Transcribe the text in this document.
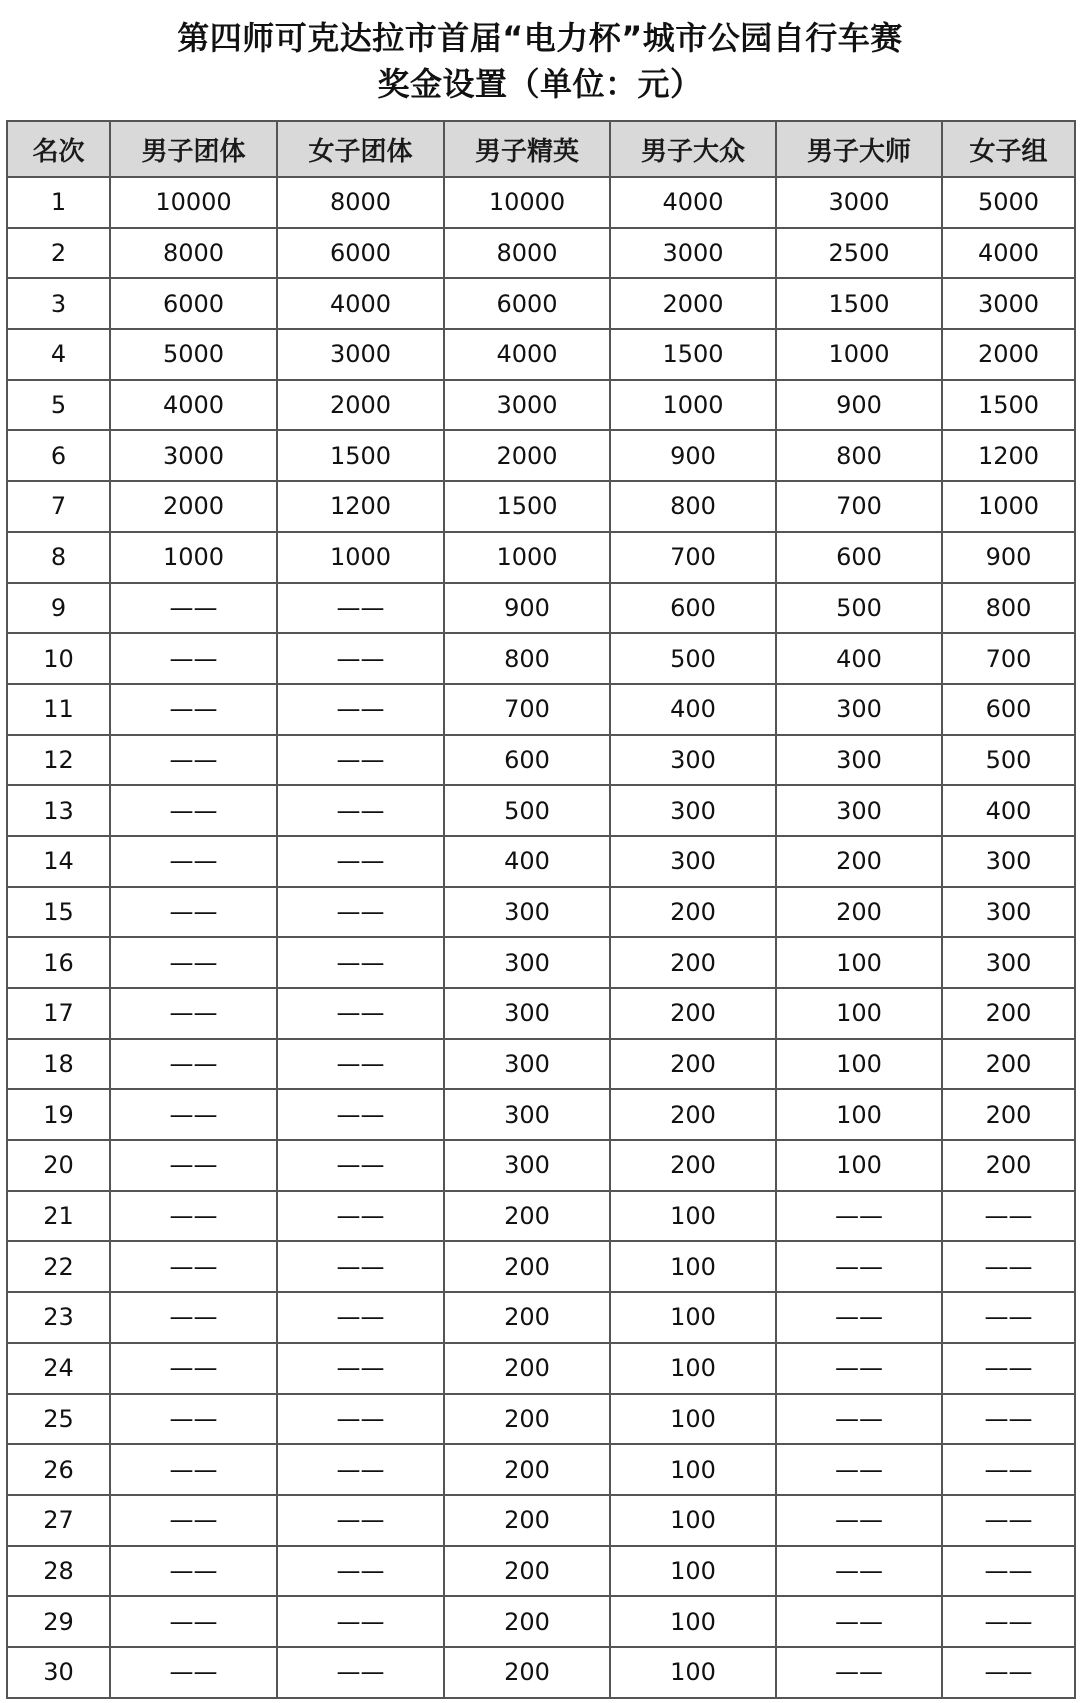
第四师可克达拉市首届“电力杯”城市公园自行车赛
奖金设置（单位：元）
名次	男子团体	女子团体	男子精英	男子大众	男子大师	女子组
1	10000	8000	10000	4000	3000	5000
2	8000	6000	8000	3000	2500	4000
3	6000	4000	6000	2000	1500	3000
4	5000	3000	4000	1500	1000	2000
5	4000	2000	3000	1000	900	1500
6	3000	1500	2000	900	800	1200
7	2000	1200	1500	800	700	1000
8	1000	1000	1000	700	600	900
9	——	——	900	600	500	800
10	——	——	800	500	400	700
11	——	——	700	400	300	600
12	——	——	600	300	300	500
13	——	——	500	300	300	400
14	——	——	400	300	200	300
15	——	——	300	200	200	300
16	——	——	300	200	100	300
17	——	——	300	200	100	200
18	——	——	300	200	100	200
19	——	——	300	200	100	200
20	——	——	300	200	100	200
21	——	——	200	100	——	——
22	——	——	200	100	——	——
23	——	——	200	100	——	——
24	——	——	200	100	——	——
25	——	——	200	100	——	——
26	——	——	200	100	——	——
27	——	——	200	100	——	——
28	——	——	200	100	——	——
29	——	——	200	100	——	——
30	——	——	200	100	——	——
